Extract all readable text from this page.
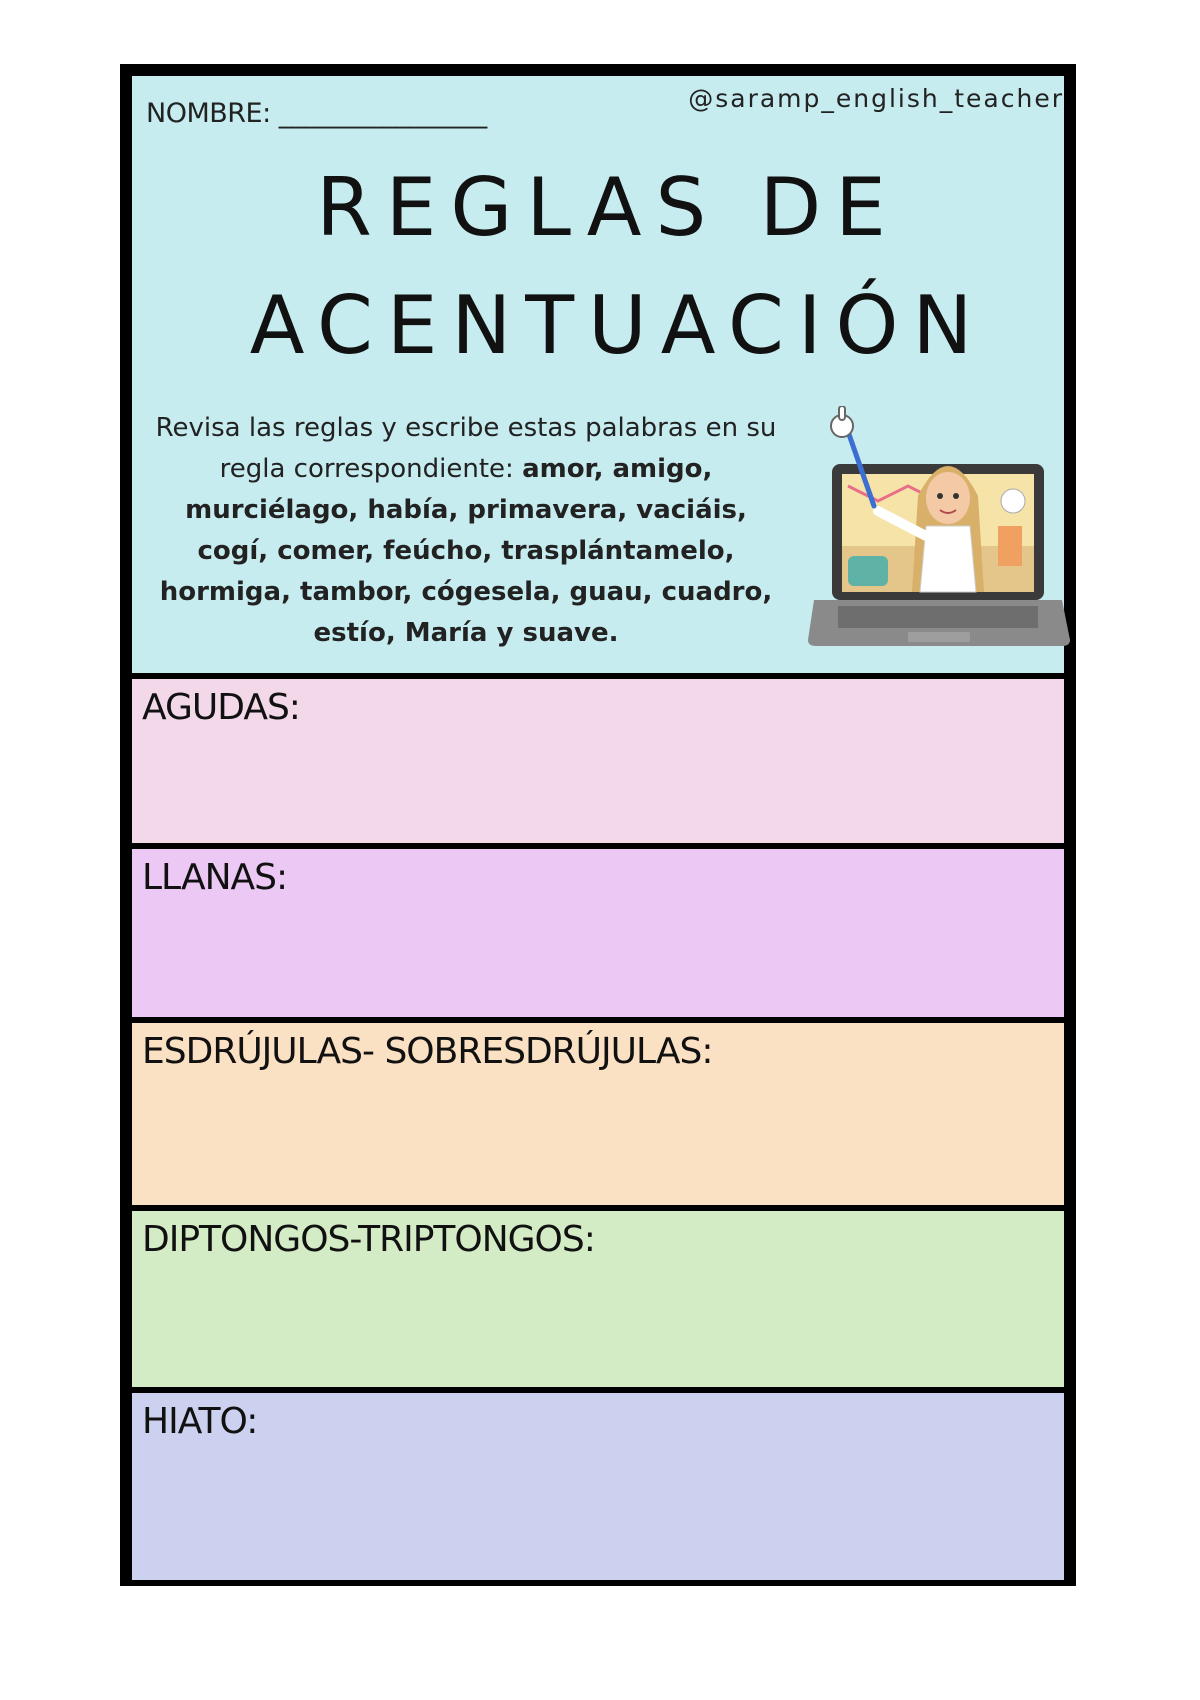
@saramp_english_teacher
NOMBRE: ________________
REGLAS DE
ACENTUACIÓN
Revisa las reglas y escribe estas palabras en su regla correspondiente: amor, amigo, murciélago, había, primavera, vaciáis, cogí, comer, feúcho, trasplántamelo, hormiga, tambor, cógesela, guau, cuadro, estío, María y suave.
AGUDAS:
LLANAS:
ESDRÚJULAS- SOBRESDRÚJULAS:
DIPTONGOS-TRIPTONGOS:
HIATO:
